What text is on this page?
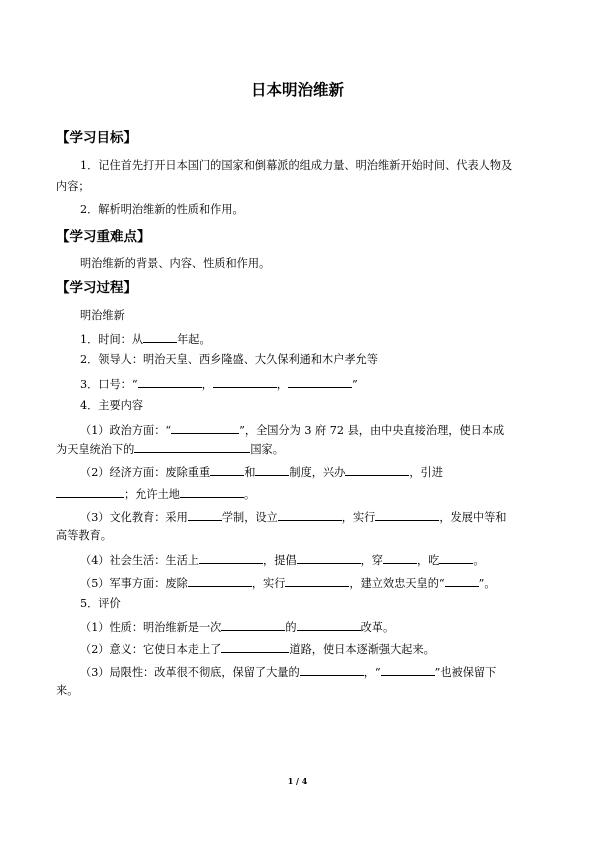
日本明治维新
【学习目标】
1．记住首先打开日本国门的国家和倒幕派的组成力量、明治维新开始时间、代表人物及
内容；
2．解析明治维新的性质和作用。
【学习重难点】
明治维新的背景、内容、性质和作用。
【学习过程】
明治维新
1．时间：从	年起。
2．领导人：明治天皇、西乡隆盛、大久保利通和木户孝允等
3．口号：“	，	，	”
4．主要内容
（1）政治方面：“	”，全国分为 3 府 72 县，由中央直接治理，使日本成
为天皇统治下的	国家。
（2）经济方面：废除重重	和	制度，兴办	，引进
；允许土地	。
（3）文化教育：采用	学制，设立	，实行	，发展中等和
高等教育。
（4）社会生活：生活上	，提倡	，穿	，吃	。
（5）军事方面：废除	，实行	，建立效忠天皇的“	”。
5．评价
（1）性质：明治维新是一次	的	改革。
（2）意义：它使日本走上了	道路，使日本逐渐强大起来。
（3）局限性：改革很不彻底，保留了大量的	，“	”也被保留下
来。
1 / 4
